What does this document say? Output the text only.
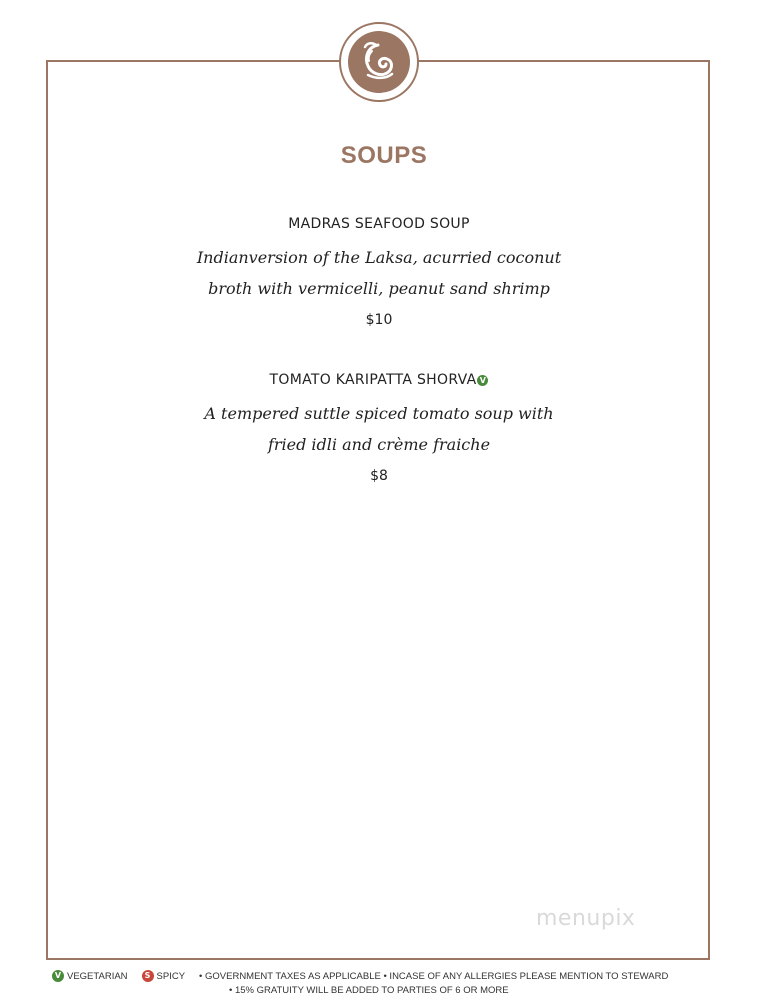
SOUPS
MADRAS SEAFOOD SOUP
Indianversion of the Laksa, acurried coconut
broth with vermicelli, peanut sand shrimp
$10
TOMATO KARIPATTA SHORVA V
A tempered suttle spiced tomato soup with
fried idli and crème fraiche
$8
menupix
V VEGETARIAN	S SPICY • GOVERNMENT TAXES AS APPLICABLE • INCASE OF ANY ALLERGIES PLEASE MENTION TO STEWARD
• 15% GRATUITY WILL BE ADDED TO PARTIES OF 6 OR MORE
